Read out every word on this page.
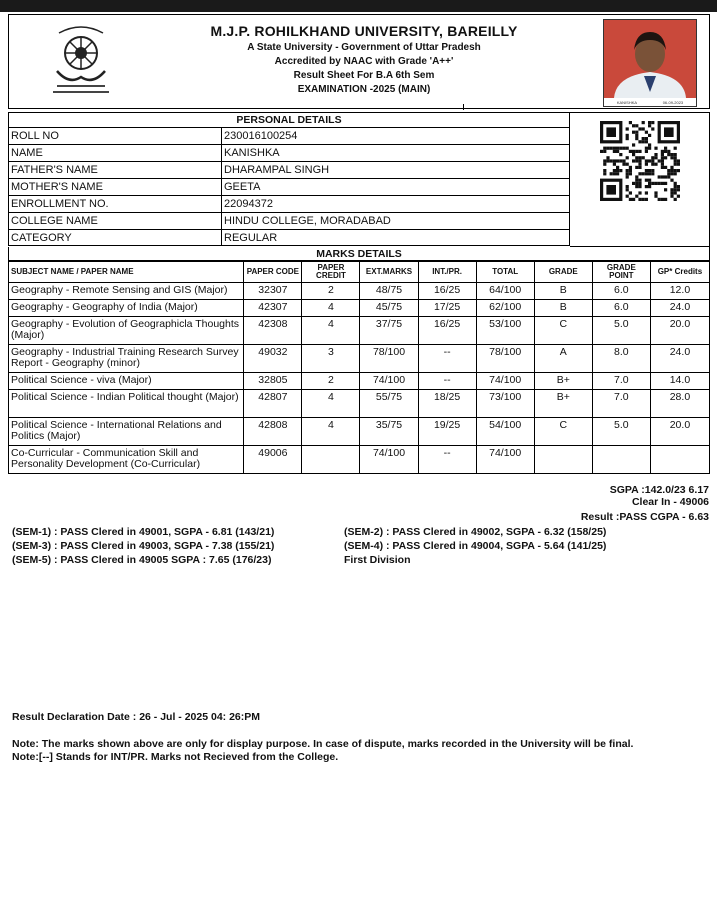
M.J.P. ROHILKHAND UNIVERSITY, BAREILLY
A State University - Government of Uttar Pradesh
Accredited by NAAC with Grade 'A++'
Result Sheet For B.A 6th Sem
EXAMINATION -2025 (MAIN)
KANISHKA	06-09-2023
PERSONAL DETAILS
ROLL NO	230016100254
NAME	KANISHKA
FATHER'S NAME	DHARAMPAL SINGH
MOTHER'S NAME	GEETA
ENROLLMENT NO.	22094372
COLLEGE NAME	HINDU COLLEGE, MORADABAD
CATEGORY	REGULAR
MARKS DETAILS
SUBJECT NAME / PAPER NAME	PAPER CODE	PAPER CREDIT	EXT.MARKS	INT./PR.	TOTAL	GRADE	GRADE POINT	GP* Credits
Geography - Remote Sensing and GIS (Major)	32307	2	48/75	16/25	64/100	B	6.0	12.0
Geography - Geography of India (Major)	42307	4	45/75	17/25	62/100	B	6.0	24.0
Geography - Evolution of Geographicla Thoughts (Major)	42308	4	37/75	16/25	53/100	C	5.0	20.0
Geography - Industrial Training Research Survey Report - Geography (minor)	49032	3	78/100	--	78/100	A	8.0	24.0
Political Science - viva (Major)	32805	2	74/100	--	74/100	B+	7.0	14.0
Political Science - Indian Political thought (Major)	42807	4	55/75	18/25	73/100	B+	7.0	28.0
Political Science - International Relations and Politics (Major)	42808	4	35/75	19/25	54/100	C	5.0	20.0
Co-Curricular - Communication Skill and Personality Development (Co-Curricular)	49006		74/100	--	74/100			
SGPA :142.0/23 6.17
Clear In - 49006
Result :PASS CGPA - 6.63
(SEM-1) : PASS Clered in 49001, SGPA - 6.81 (143/21)
(SEM-3) : PASS Clered in 49003, SGPA - 7.38 (155/21)
(SEM-5) : PASS Clered in 49005 SGPA : 7.65 (176/23)
(SEM-2) : PASS Clered in 49002, SGPA - 6.32 (158/25)
(SEM-4) : PASS Clered in 49004, SGPA - 5.64 (141/25)
First Division
Result Declaration Date : 26 - Jul - 2025 04: 26:PM
Note: The marks shown above are only for display purpose. In case of dispute, marks recorded in the University will be final.
Note:[--] Stands for INT/PR. Marks not Recieved from the College.
